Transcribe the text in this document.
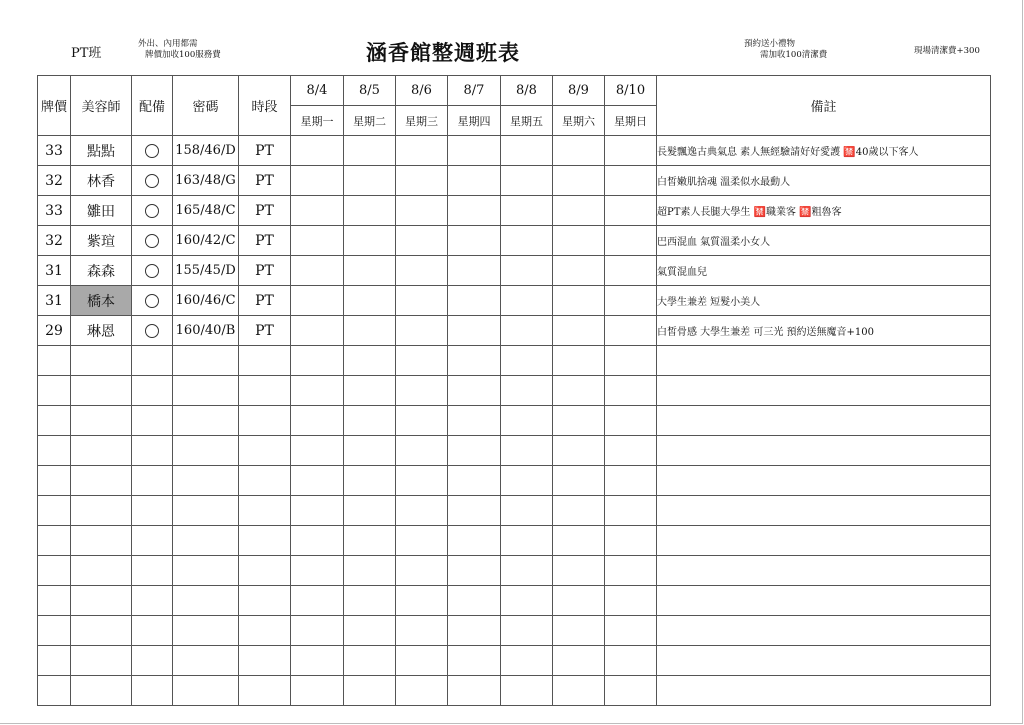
PT班
外出、內用都需
牌價加收100服務費	涵香館整週班表	預約送小禮物
需加收100清潔費	現場清潔費+300
牌價	美容師	配備	密碼	時段	8/4	8/5	8/6	8/7	8/8	8/9	8/10	備註
					星期一	星期二	星期三	星期四	星期五	星期六	星期日	
33	點點		158/46/D	PT								長髮飄逸古典氣息 素人無經驗請好好愛護 🈲40歲以下客人
32	林香		163/48/G	PT								白皙嫩肌捨魂 溫柔似水最動人
33	雛田		165/48/C	PT								超PT素人長腿大學生 🈲職業客 🈲粗魯客
32	紫瑄		160/42/C	PT								巴西混血 氣質溫柔小女人
31	森森		155/45/D	PT								氣質混血兒
31	橋本		160/46/C	PT								大學生兼差 短髮小美人
29	琳恩		160/40/B	PT								白皙骨感 大學生兼差 可三光 預約送無魔音+100
